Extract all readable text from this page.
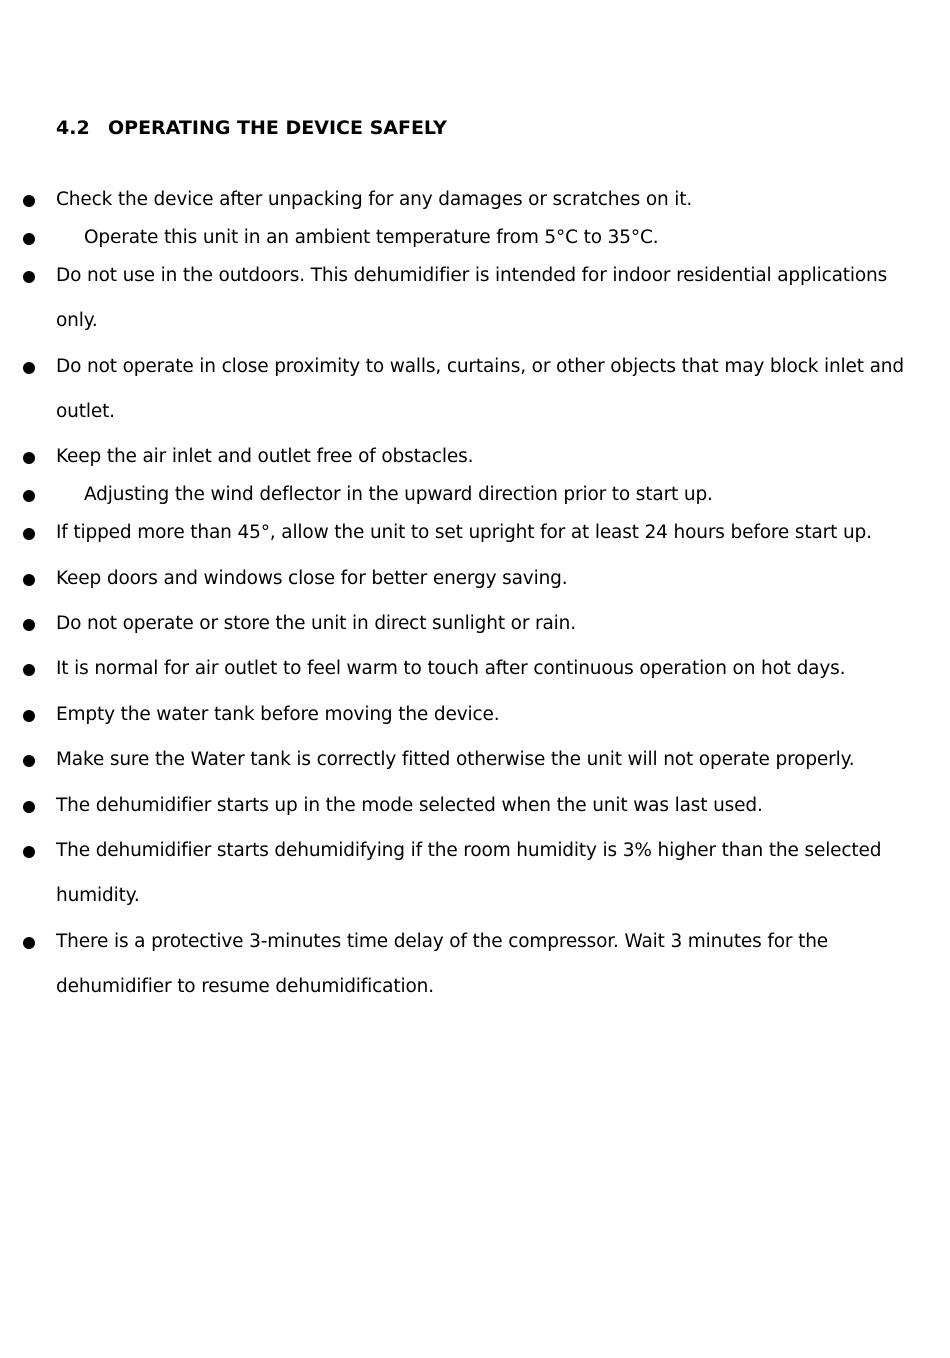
4.2 OPERATING THE DEVICE SAFELY
Check the device after unpacking for any damages or scratches on it.
Operate this unit in an ambient temperature from 5°C to 35°C.
Do not use in the outdoors. This dehumidifier is intended for indoor residential applications only.
Do not operate in close proximity to walls, curtains, or other objects that may block inlet and outlet.
Keep the air inlet and outlet free of obstacles.
Adjusting the wind deflector in the upward direction prior to start up.
If tipped more than 45°, allow the unit to set upright for at least 24 hours before start up.
Keep doors and windows close for better energy saving.
Do not operate or store the unit in direct sunlight or rain.
It is normal for air outlet to feel warm to touch after continuous operation on hot days.
Empty the water tank before moving the device.
Make sure the Water tank is correctly fitted otherwise the unit will not operate properly.
The dehumidifier starts up in the mode selected when the unit was last used.
The dehumidifier starts dehumidifying if the room humidity is 3% higher than the selected humidity.
There is a protective 3-minutes time delay of the compressor. Wait 3 minutes for the dehumidifier to resume dehumidification.
